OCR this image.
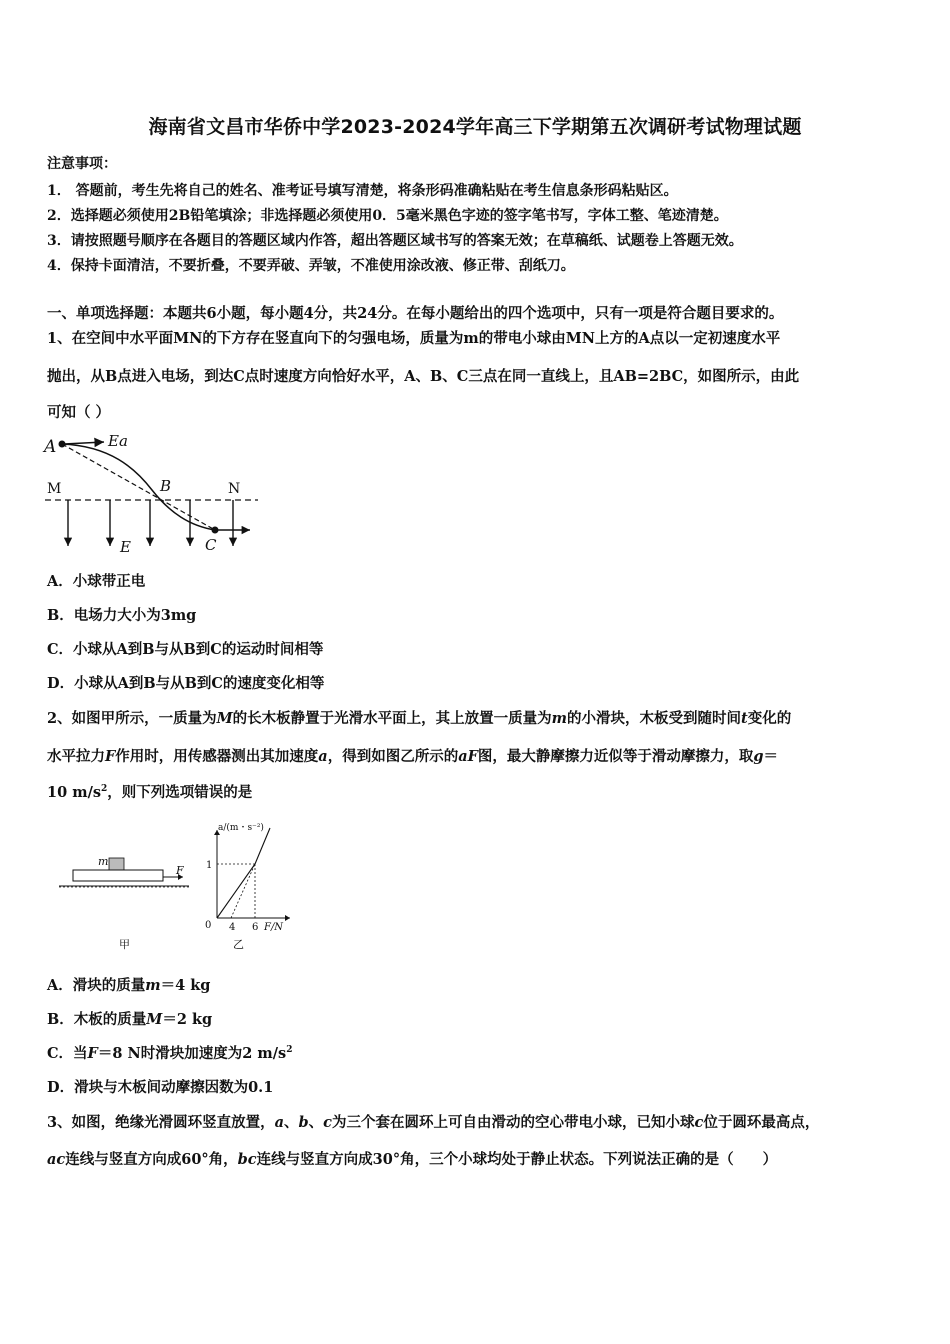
海南省文昌市华侨中学2023-2024学年高三下学期第五次调研考试物理试题
注意事项：
1． 答题前，考生先将自己的姓名、准考证号填写清楚，将条形码准确粘贴在考生信息条形码粘贴区。
2．选择题必须使用2B铅笔填涂；非选择题必须使用0．5毫米黑色字迹的签字笔书写，字体工整、笔迹清楚。
3．请按照题号顺序在各题目的答题区域内作答，超出答题区域书写的答案无效；在草稿纸、试题卷上答题无效。
4．保持卡面清洁，不要折叠，不要弄破、弄皱，不准使用涂改液、修正带、刮纸刀。
一、单项选择题：本题共6小题，每小题4分，共24分。在每小题给出的四个选项中，只有一项是符合题目要求的。
1、在空间中水平面MN的下方存在竖直向下的匀强电场，质量为m的带电小球由MN上方的A点以一定初速度水平
抛出，从B点进入电场，到达C点时速度方向恰好水平，A、B、C三点在同一直线上，且AB=2BC，如图所示，由此
可知（ ）
A	Ea
M	B	N
E	C
A．小球带正电
B．电场力大小为3mg
C．小球从A到B与从B到C的运动时间相等
D．小球从A到B与从B到C的速度变化相等
2、如图甲所示，一质量为M的长木板静置于光滑水平面上，其上放置一质量为m的小滑块，木板受到随时间t变化的
水平拉力F作用时，用传感器测出其加速度a，得到如图乙所示的aF图，最大静摩擦力近似等于滑动摩擦力，取g＝
10 $m/s^2$，则下列选项错误的是
m
F
甲
a/(m・s⁻²)
1
0 4 6 F/N
乙
A．滑块的质量m＝4 kg
B．木板的质量M＝2 kg
C．当F＝8 N时滑块加速度为2 $m/s^2$
D．滑块与木板间动摩擦因数为0.1
3、如图，绝缘光滑圆环竖直放置，a、b、c为三个套在圆环上可自由滑动的空心带电小球，已知小球c位于圆环最高点，
ac连线与竖直方向成60°角，bc连线与竖直方向成30°角，三个小球均处于静止状态。下列说法正确的是（　　）
